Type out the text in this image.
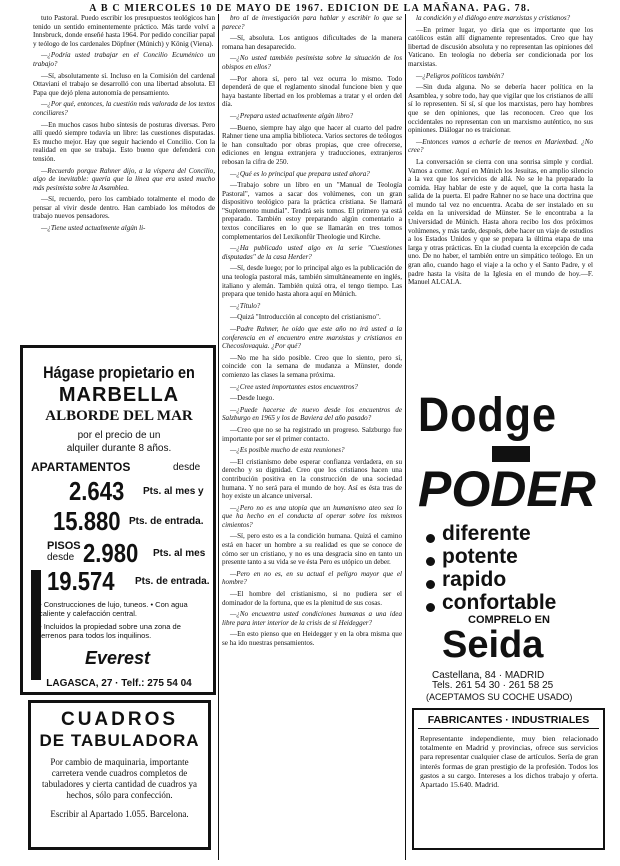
A B C MIERCOLES 10 DE MAYO DE 1967. EDICION DE LA MAÑANA. PAG. 78.

tuto Pastoral. Puedo escribir los presupuestos teológicos han tenido un sentido eminentemente práctico. Más tarde volví a Innsbruck, donde enseñé hasta 1964. Por pedido conciliar papal y teólogo de los cardenales Döpfner (Múnich) y König (Viena).

—¿Podría usted trabajar en el Concilio Ecuménico un trabajo?

—Sí, absolutamente sí. Incluso en la Comisión del cardenal Ottaviani el trabajo se desarrolló con una libertad absoluta. El Papa que dejó plena autonomía de pensamiento.

—¿Por qué, entonces, la cuestión más valorada de los textos conciliares?

—En muchos casos hubo síntesis de posturas diversas. Pero allí quedó siempre todavía un libre: las cuestiones disputadas. Es mucho mejor. Hay que seguir haciendo el Concilio. Con la realidad en que se trabaja. Esto bueno que defenderá con tensión.

—Recuerdo porque Rahner dijo, a la víspera del Concilio, algo de inevitable: quería que la línea que era usted mucho más pesimista sobre la Asamblea.

—Sí, recuerdo, pero los cambiado totalmente el modo de pensar al vivir desde dentro. Han cambiado los métodos de trabajo nuevos pensadores.

—¿Tiene usted actualmente algún li-

bro al de investigación para hablar y escribir lo que se parece?

—Sí, absoluta. Los antiguos dificultades de la manera romana han desaparecido.

—¿No usted también pesimista sobre la situación de los obispos en ellos?

—Por ahora sí, pero tal vez ocurra lo mismo. Todo dependerá de que el reglamento sinodal funcione bien y que haya bastante libertad en los problemas a tratar y el orden del día.

—¿Prepara usted actualmente algún libro?

—Bueno, siempre hay algo que hacer al cuarto del padre Rahner tiene una amplia biblioteca. Varios sectores de teólogos le han consultado por obras propias, que cree ofrecerse, ediciones en lengua extranjera y traducciones, extranjeros rebosan la cifra de 250.

—¿Qué es lo principal que prepara usted ahora?

—Trabajo sobre un libro en un "Manual de Teología Pastoral", vamos a sacar dos volúmenes, con un gran dispositivo teológico para la práctica cristiana. Se llamará "Suplemento mundial". Tendrá seis tomos. El primero ya está preparado. También estoy preparando algún comentario a textos conciliares en lo que se llamarán en tres tomos complementarios del Lexikonfür Theologie und Kirche.

—¿Ha publicado usted algo en la serie "Cuestiones disputadas" de la casa Herder?

—Sí, desde luego; por lo principal algo es la publicación de una teología pastoral más, también simultáneamente en inglés, italiano y alemán. También quizá otra, el tengo tiempo. Las prepara que tenido hasta ahora aquí en Múnich.

—¿Título?

—Quizá "Introducción al concepto del cristianismo".

—Padre Rahner, he oído que este año no irá usted a la conferencia en el encuentro entre marxistas y cristianos en Checoslovaquia. ¿Por qué?

—No me ha sido posible. Creo que lo siento, pero sí, coincide con la semana de mudanza a Münster, donde comienzo las clases la semana próxima.

—¿Cree usted importantes estos encuentros?

—Desde luego.

—¿Puede hacerse de nuevo desde los encuentros de Salzburgo en 1965 y los de Baviera del año pasado?

—Creo que no se ha registrado un progreso. Salzburgo fue importante por ser el primer contacto.

—¿Es posible mucho de esta reuniones?

—El cristianismo debe esperar confianza verdadera, en su derecho y su dignidad. Creo que los cristianos hacen una contribución positiva en la construcción de una sociedad humana. Y no será para el mundo de hoy. Así es ésta tras de hoy existe un alcance universal.

—¿Pero no es una utopía que un humanismo ateo sea lo que ha hecho en el conducta al operar sobre los mismos cimientos?

—Sí, pero esto es a la condición humana. Quizá el camino está en hacer un hombre a su realidad es que se conoce de cómo ser un cristiano, y no es una desgracia sino en tanto un presente tanto a su vida se ve ésta Pero es utópico un deber.

—Pero en no es, en su actual el peligro mayor que el hombre?

—El hombre del cristianismo, si no pudiera ser el dominador de la fortuna, que es la plenitud de sus cosas.

—¿No encuentra usted condiciones humanas a una idea libre para inter interior de la crisis de si Heidegger?

—En esto pienso que en Heidegger y en la obra misma que se ha ido nuestras pensamientos.

la condición y el diálogo entre marxistas y cristianos?

—En primer lugar, yo diría que es importante que los católicos están allí dignamente representados. Creo que hay libertad de discusión absoluta y no representan las opiniones del Vaticano. En teología no debería ser condicionada por los marxistas.

—¿Peligros políticos también?

—Sin duda alguna. No se debería hacer política en la Asamblea, y sobre todo, hay que vigilar que los cristianos de allí sí lo representen. Sí sí, sí que los marxistas, pero hay hombres que se den opiniones, que las reconocen. Creo que los occidentales no representan con un marxismo auténtico, no sus opiniones. Diálogar no es traicionar.

—Entonces vamos a echarle de menos en Marienbad. ¿No cree?

La conversación se cierra con una sonrisa simple y cordial. Vamos a comer. Aquí en Múnich los Jesuitas, en amplio silencio a la vez que los servicios de allá. No se le ha preparado la comida. Hay hablar de este y de aquel, que la corta hasta la salida de la puerta. El padre Rahner no se hace una doctrina que el mundo tal vez no encuentra. Acaba de ser instalado en su celda en la universidad de Münster. Se le encontraba a la Universidad de Múnich. Hasta ahora recibo los dos próximos volúmenes, y más tarde, después, debe hacer un viaje de estudios a los Estados Unidos y que se prepara la última etapa de una larga y otras prácticas. En la ciudad cuenta la excepción de cada uno. De no haber, el también entre un simpático teólogo. En un gran año, cuando hago el viaje a la ocho y el Santo Padre, y el padre hasta la visita de la Iglesia en el mundo de hoy.—F. Manuel ALCALA.

Hágase propietario en
MARBELLA
ALBORDE DEL MAR
por el precio de un
alquiler durante 8 años.
APARTAMENTOS	desde
2.643 Pts. al mes y
15.880 Pts. de entrada.
PISOS
desde 2.980 Pts. al mes
19.574 Pts. de entrada.
• Construcciones de lujo, tuneos. • Con agua caliente y calefacción central.
• Incluidos la propiedad sobre una zona de terrenos para todos los inquilinos.
Everest
LAGASCA, 27 · Telf.: 275 54 04
CUADROS
DE TABULADORA
Por cambio de maquinaria, importante carretera vende cuadros completos de tabuladores y cierta cantidad de cuadros ya hechos, sólo para confección.
Escribir al Apartado 1.055. Barcelona.
Dodge
PODER
diferente
potente
rapido
confortable
COMPRELO EN
Seida
Castellana, 84 · MADRID
Tels. 261 54 30 · 261 58 25
(ACEPTAMOS SU COCHE USADO)
FABRICANTES · INDUSTRIALES
Representante independiente, muy bien relacionado totalmente en Madrid y provincias, ofrece sus servicios para representar cualquier clase de artículos. Sería de gran interés formas de gran prestigio de la profesión. Todos los gastos a su cargo. Intereses a los dichos trabajo y oferta. Apartado 15.640. Madrid.
